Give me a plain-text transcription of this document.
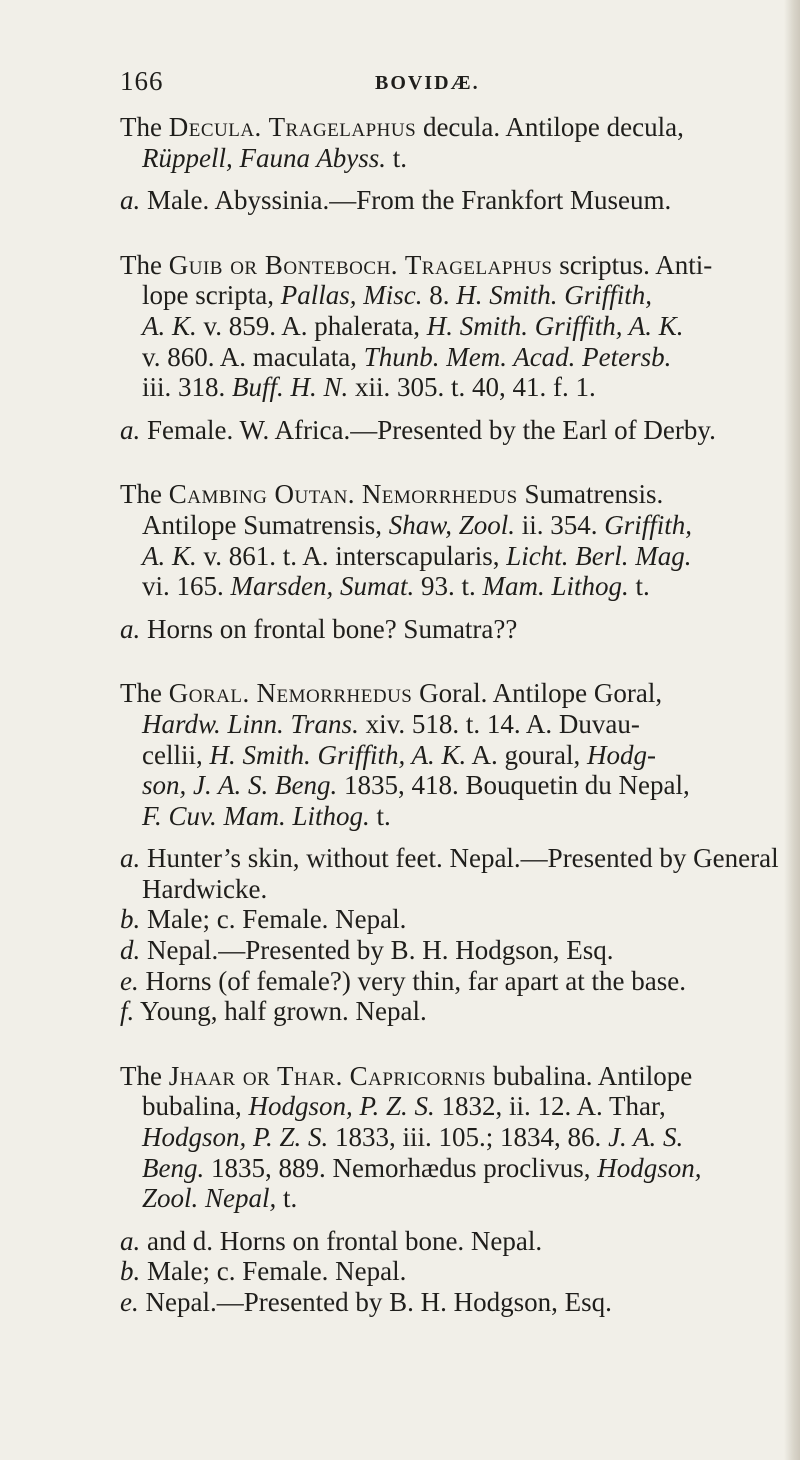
166	BOVIDÆ.

The Decula. Tragelaphus decula. Antilope decula,
Rüppell, Fauna Abyss. t.

a. Male. Abyssinia.—From the Frankfort Museum.

The Guib or Bonteboch. Tragelaphus scriptus. Anti-
lope scripta, Pallas, Misc. 8. H. Smith. Griffith,
A. K. v. 859. A. phalerata, H. Smith. Griffith, A. K.
v. 860. A. maculata, Thunb. Mem. Acad. Petersb.
iii. 318. Buff. H. N. xii. 305. t. 40, 41. f. 1.

a. Female. W. Africa.—Presented by the Earl of Derby.

The Cambing Outan. Nemorrhedus Sumatrensis.
Antilope Sumatrensis, Shaw, Zool. ii. 354. Griffith,
A. K. v. 861. t. A. interscapularis, Licht. Berl. Mag.
vi. 165. Marsden, Sumat. 93. t. Mam. Lithog. t.

a. Horns on frontal bone? Sumatra??

The Goral. Nemorrhedus Goral. Antilope Goral,
Hardw. Linn. Trans. xiv. 518. t. 14. A. Duvau-
cellii, H. Smith. Griffith, A. K. A. goural, Hodg-
son, J. A. S. Beng. 1835, 418. Bouquetin du Nepal,
F. Cuv. Mam. Lithog. t.

a. Hunter’s skin, without feet. Nepal.—Presented by General Hardwicke.
b. Male; c. Female. Nepal.
d. Nepal.—Presented by B. H. Hodgson, Esq.
e. Horns (of female?) very thin, far apart at the base.
f. Young, half grown. Nepal.

The Jhaar or Thar. Capricornis bubalina. Antilope
bubalina, Hodgson, P. Z. S. 1832, ii. 12. A. Thar,
Hodgson, P. Z. S. 1833, iii. 105.; 1834, 86. J. A. S.
Beng. 1835, 889. Nemorhædus proclivus, Hodgson,
Zool. Nepal, t.

a. and d. Horns on frontal bone. Nepal.
b. Male; c. Female. Nepal.
e. Nepal.—Presented by B. H. Hodgson, Esq.
